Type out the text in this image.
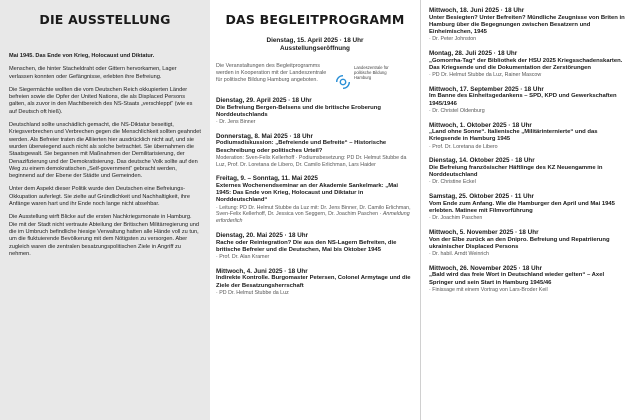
DIE AUSSTELLUNG

Mai 1945. Das Ende von Krieg, Holocaust und Diktatur.

Menschen, die hinter Stacheldraht oder Gittern hervorkamen, Lager verlassen konnten oder Gefängnisse, erlebten ihre Befreiung.

Die Siegermächte wollten die vom Deutschen Reich okkupierten Länder befreien sowie die Opfer der United Nations, die als Displaced Persons galten, als zuvor in den Machtbereich des NS-Staats „verschleppt“ (wie es auf Deutsch oft hieß).

Deutschland sollte unschädlich gemacht, die NS-Diktatur beseitigt, Kriegsverbrechen und Verbrechen gegen die Menschlichkeit sollten geahndet werden. Als Befreier traten die Alliierten hier ausdrücklich nicht auf, und sie wurden überwiegend auch nicht als solche betrachtet. Sie übernahmen die Staatsgewalt. Sie begannen mit Maßnahmen der Demilitarisierung, der Denazifizierung und der Demokratisierung. Das deutsche Volk sollte auf den Weg zu einem demokratischen „Self-government“ gebracht werden, beginnend auf der Ebene der Städte und Gemeinden.

Unter dem Aspekt dieser Politik wurde den Deutschen eine Befreiungs-Okkupation auferlegt. Sie zielte auf Gründlichkeit und Nachhaltigkeit, ihre Anfänge waren hart und ihr Ende noch lange nicht absehbar.

Die Ausstellung wirft Blicke auf die ersten Nachkriegsmonate in Hamburg. Die mit der Stadt nicht vertraute Abteilung der Britischen Militärregierung und die im Umbruch befindliche hiesige Verwaltung hatten alle Hände voll zu tun, um die fluktuierende Bevölkerung mit dem Nötigsten zu versorgen. Aber zugleich waren die zentralen besatzungspolitischen Ziele in Angriff zu nehmen.

DAS BEGLEITPROGRAMM
Dienstag, 15. April 2025 · 18 Uhr
Ausstellungseröffnung
Die Veranstaltungen des Begleitprogramms werden in Kooperation mit der Landeszentrale für politische Bildung Hamburg angeboten.
Landeszentrale für politische Bildung Hamburg
Dienstag, 29. April 2025 · 18 Uhr
Die Befreiung Bergen-Belsens und die britische Eroberung Norddeutschlands
· Dr. Jens Binner
Donnerstag, 8. Mai 2025 · 18 Uhr
Podiumsdiskussion: „Befreiende und Befreite“ – Historische Beschreibung oder politisches Urteil?
Moderation: Sven-Felix Kellerhoff · Podiumsbesetzung: PD Dr. Helmut Stubbe da Luz, Prof. Dr. Loretana de Libero, Dr. Camilo Erlichman, Lars Haider
Freitag, 9. – Sonntag, 11. Mai 2025
Externes Wochenendseminar an der Akademie Sankelmark: „Mai 1945: Das Ende von Krieg, Holocaust und Diktatur in Norddeutschland“
· Leitung: PD Dr. Helmut Stubbe da Luz mit: Dr. Jens Binner, Dr. Camilo Erlichman, Sven-Felix Kellerhoff, Dr. Jessica von Seggern, Dr. Joachim Paschen · Anmeldung erforderlich
Dienstag, 20. Mai 2025 · 18 Uhr
Rache oder Reintegration? Die aus den NS-Lagern Befreiten, die britische Befreier und die Deutschen, Mai bis Oktober 1945
· Prof. Dr. Alan Kramer
Mittwoch, 4. Juni 2025 · 18 Uhr
Indirekte Kontrolle. Burgomaster Petersen, Colonel Armytage und die Ziele der Besatzungsherrschaft
· PD Dr. Helmut Stubbe da Luz
Mittwoch, 18. Juni 2025 · 18 Uhr
Unter Besiegten? Unter Befreiten? Mündliche Zeugnisse von Briten in Hamburg über die Begegnungen zwischen Besatzern und Einheimischen, 1945
· Dr. Peter Johnston
Montag, 28. Juli 2025 · 18 Uhr
„Gomorrha-Tag“ der Bibliothek der HSU 2025 Kriegsschadenskarten. Das Kriegsende und die Dokumentation der Zerstörungen
· PD Dr. Helmut Stubbe da Luz, Rainer Mascow
Mittwoch, 17. September 2025 · 18 Uhr
Im Banne des Einheitsgedankens – SPD, KPD und Gewerkschaften 1945/1946
· Dr. Christel Oldenburg
Mittwoch, 1. Oktober 2025 · 18 Uhr
„Land ohne Sonne“. Italienische „Militärinternierte“ und das Kriegsende in Hamburg 1945
· Prof. Dr. Loretana de Libero
Dienstag, 14. Oktober 2025 · 18 Uhr
Die Befreiung französischer Häftlinge des KZ Neuengamme in Norddeutschland
· Dr. Christine Eckel
Samstag, 25. Oktober 2025 · 11 Uhr
Vom Ende zum Anfang. Wie die Hamburger den April und Mai 1945 erlebten. Matinee mit Filmvorführung
· Dr. Joachim Paschen
Mittwoch, 5. November 2025 · 18 Uhr
Von der Elbe zurück an den Dnipro. Befreiung und Repatriierung ukrainischer Displaced Persons
· Dr. habil. Arndt Weinrich
Mittwoch, 26. November 2025 · 18 Uhr
„Bald wird das freie Wort in Deutschland wieder gelten“ – Axel Springer und sein Start in Hamburg 1945/46
· Finissage mit einem Vortrag von Lars-Broder Keil
